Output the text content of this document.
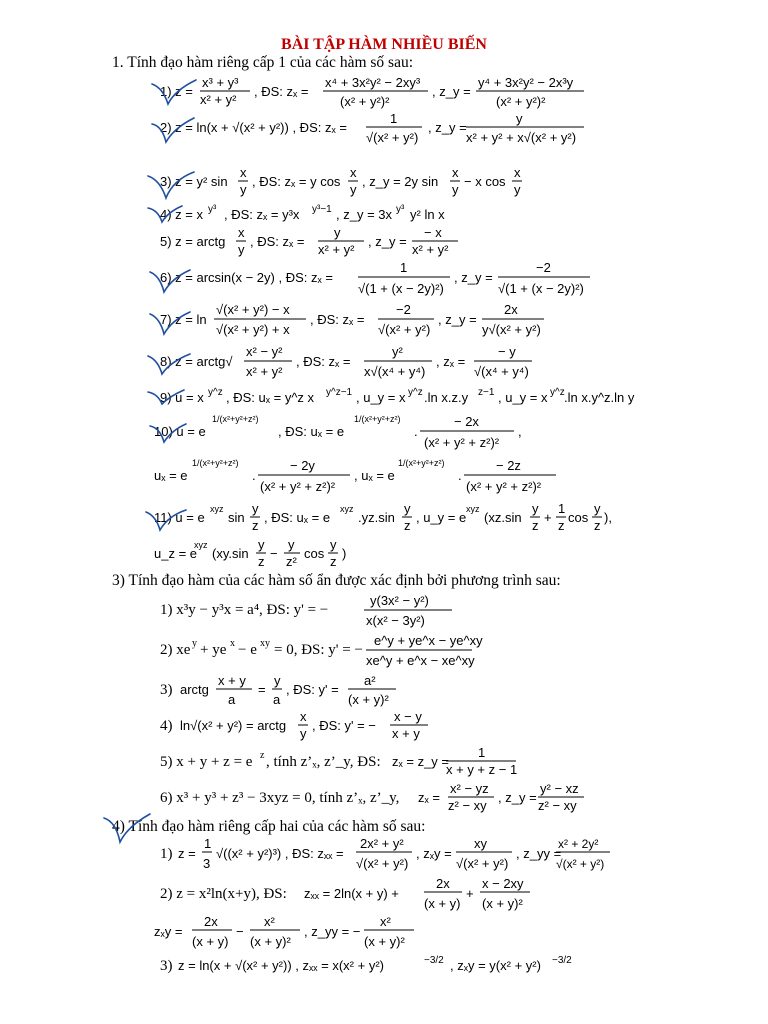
BÀI TẬP HÀM NHIỀU BIẾN
1. Tính đạo hàm riêng cấp 1 của các hàm số sau:
1) z =
x³ + y³
x² + y²
, ĐS: zₓ =
x⁴ + 3x²y² − 2xy³
(x² + y²)²
, z_y =
y⁴ + 3x²y² − 2x³y
(x² + y²)²
2) z = ln(x + √(x² + y²)) , ĐS: zₓ =
1
√(x² + y²)
, z_y =
y
x² + y² + x√(x² + y²)
3) z = y² sin
x
y
, ĐS: zₓ = y cos
x
y
, z_y = 2y sin
x
y
− x cos
x
y
4) z = x y³ , ĐS: zₓ = y³x y³−1 , z_y = 3x y³ y² ln x
5) z = arctg
x
y
, ĐS: zₓ =
y
x² + y²
, z_y =
− x
x² + y²
6) z = arcsin(x − 2y) , ĐS: zₓ =
1
√(1 + (x − 2y)²)
, z_y =
−2
√(1 + (x − 2y)²)
7) z = ln
√(x² + y²) − x
√(x² + y²) + x
, ĐS: zₓ =
−2
√(x² + y²)
, z_y =
2x
y√(x² + y²)
8) z = arctg√
x² − y²
x² + y²
, ĐS: zₓ =
y²
x√(x⁴ + y⁴)
, zₓ =
− y
√(x⁴ + y⁴)
9) u = x y^z , ĐS: uₓ = y^z x y^z−1 , u_y = x y^z .ln x.z.y z−1 , u_y = x y^z .ln x.y^z.ln y
10) u = e
1/(x²+y²+z²)
, ĐS: uₓ = e
1/(x²+y²+z²)
.
− 2x
(x² + y² + z²)²
,
uₓ = e
1/(x²+y²+z²)
.
− 2y
(x² + y² + z²)²
, uₓ = e
1/(x²+y²+z²)
.
− 2z
(x² + y² + z²)²
11) u = e
xyz
sin
y
z
, ĐS: uₓ = e
xyz
.yz.sin
y
z
, u_y = e
xyz
(xz.sin
y
z
+
1
z
cos
y
z
),
u_z = e
xyz
(xy.sin
y
z
−
y
z²
cos
y
z
)
3) Tính đạo hàm của các hàm số ẩn được xác định bởi phương trình sau:
1) x³y − y³x = a⁴, ĐS: y' = −
y(3x² − y²)
x(x² − 3y²)
2) xe y + ye x − e xy = 0, ĐS: y' = −
e^y + ye^x − ye^xy
xe^y + e^x − xe^xy
3) arctg
x + y
a
=
y
a
, ĐS: y' =
a²
(x + y)²
4) ln√(x² + y²) = arctg
x
y
, ĐS: y' = −
x − y
x + y
5) x + y + z = e z , tính z’ₓ, z’_y, ĐS: zₓ = z_y =
1
x + y + z − 1
6) x³ + y³ + z³ − 3xyz = 0, tính z’ₓ, z’_y, zₓ =
x² − yz
z² − xy
, z_y =
y² − xz
z² − xy
4) Tính đạo hàm riêng cấp hai của các hàm số sau:
1) z =
1
3
√((x² + y²)³) , ĐS: zₓₓ =
2x² + y²
√(x² + y²)
, zₓy =
xy
√(x² + y²)
, z_yy =
x² + 2y²
√(x² + y²)
2) z = x²ln(x+y), ĐS: zₓₓ = 2ln(x + y) +
2x
(x + y)
+
x − 2xy
(x + y)²
zₓy =
2x
(x + y)
−
x²
(x + y)²
, z_yy = −
x²
(x + y)²
3) z = ln(x + √(x² + y²)) , zₓₓ = x(x² + y²)	−3/2 , zₓy = y(x² + y²) −3/2
